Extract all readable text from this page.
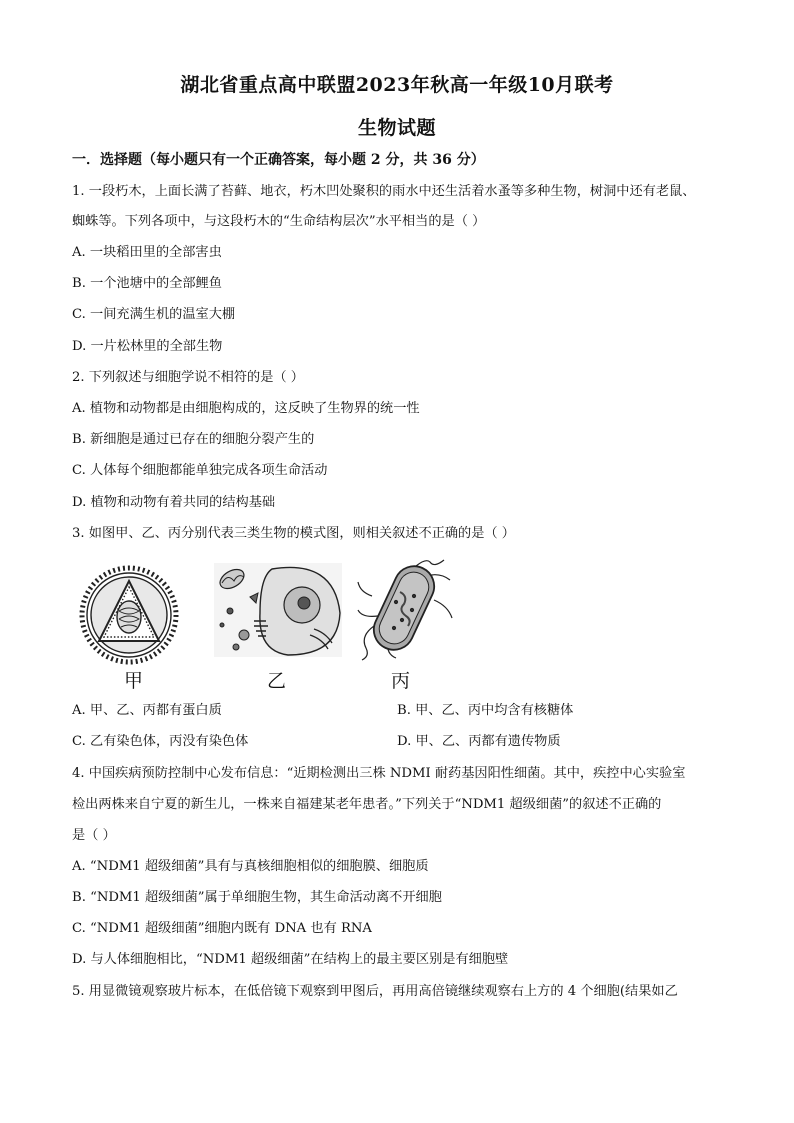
湖北省重点高中联盟2023年秋高一年级10月联考
生物试题
一．选择题（每小题只有一个正确答案，每小题 2 分，共 36 分）
1. 一段朽木，上面长满了苔藓、地衣，朽木凹处聚积的雨水中还生活着水蚤等多种生物，树洞中还有老鼠、
蜘蛛等。下列各项中，与这段朽木的“生命结构层次”水平相当的是（ ）
A. 一块稻田里的全部害虫
B. 一个池塘中的全部鲤鱼
C. 一间充满生机的温室大棚
D. 一片松林里的全部生物
2. 下列叙述与细胞学说不相符的是（ ）
A. 植物和动物都是由细胞构成的，这反映了生物界的统一性
B. 新细胞是通过已存在的细胞分裂产生的
C. 人体每个细胞都能单独完成各项生命活动
D. 植物和动物有着共同的结构基础
3. 如图甲、乙、丙分别代表三类生物的模式图，则相关叙述不正确的是（ ）
甲	乙	丙
A. 甲、乙、丙都有蛋白质	B. 甲、乙、丙中均含有核糖体
C. 乙有染色体，丙没有染色体	D. 甲、乙、丙都有遗传物质
4. 中国疾病预防控制中心发布信息：“近期检测出三株 NDMI 耐药基因阳性细菌。其中，疾控中心实验室
检出两株来自宁夏的新生儿，一株来自福建某老年患者。”下列关于“NDM1 超级细菌”的叙述不正确的
是（ ）
A. “NDM1 超级细菌”具有与真核细胞相似的细胞膜、细胞质
B. “NDM1 超级细菌”属于单细胞生物，其生命活动离不开细胞
C. “NDM1 超级细菌”细胞内既有 DNA 也有 RNA
D. 与人体细胞相比，“NDM1 超级细菌”在结构上的最主要区别是有细胞壁
5. 用显微镜观察玻片标本，在低倍镜下观察到甲图后，再用高倍镜继续观察右上方的 4 个细胞(结果如乙
